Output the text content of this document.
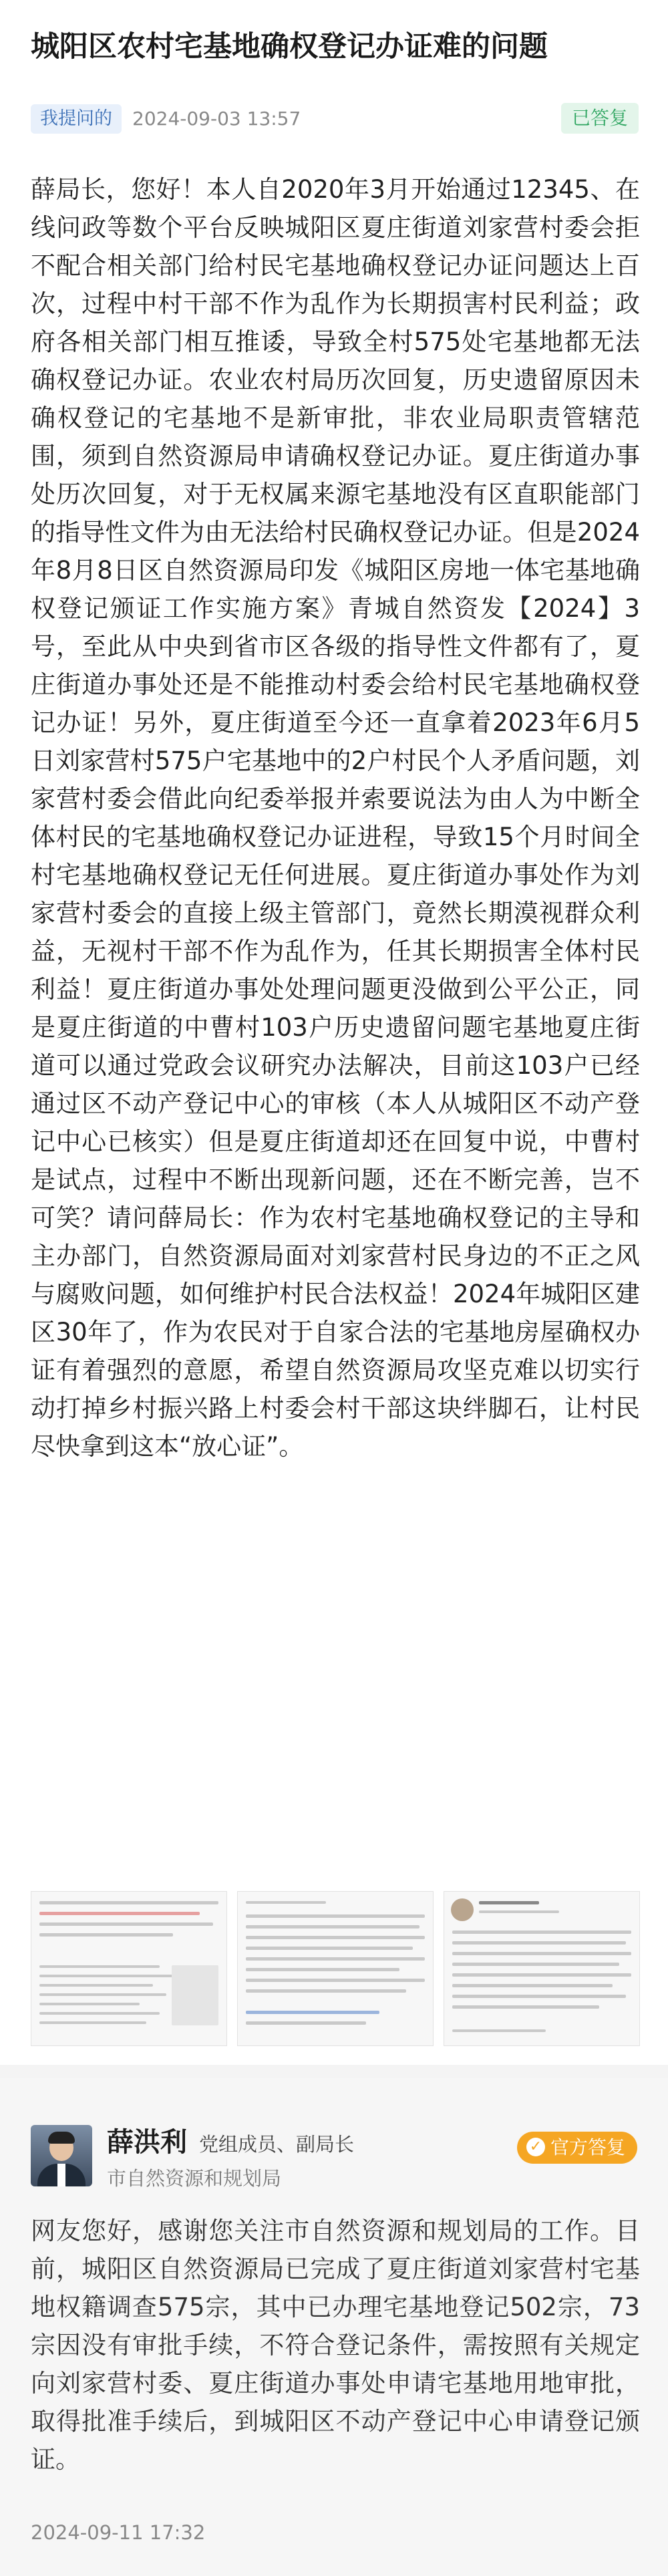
城阳区农村宅基地确权登记办证难的问题
我提问的	2024-09-03 13:57	已答复

薛局长，您好！本人自2020年3月开始通过12345、在线问政等数个平台反映城阳区夏庄街道刘家营村委会拒不配合相关部门给村民宅基地确权登记办证问题达上百次，过程中村干部不作为乱作为长期损害村民利益；政府各相关部门相互推诿，导致全村575处宅基地都无法确权登记办证。农业农村局历次回复，历史遗留原因未确权登记的宅基地不是新审批，非农业局职责管辖范围，须到自然资源局申请确权登记办证。夏庄街道办事处历次回复，对于无权属来源宅基地没有区直职能部门的指导性文件为由无法给村民确权登记办证。但是2024年8月8日区自然资源局印发《城阳区房地一体宅基地确权登记颁证工作实施方案》青城自然资发【2024】3号，至此从中央到省市区各级的指导性文件都有了，夏庄街道办事处还是不能推动村委会给村民宅基地确权登记办证！另外，夏庄街道至今还一直拿着2023年6月5日刘家营村575户宅基地中的2户村民个人矛盾问题，刘家营村委会借此向纪委举报并索要说法为由人为中断全体村民的宅基地确权登记办证进程，导致15个月时间全村宅基地确权登记无任何进展。夏庄街道办事处作为刘家营村委会的直接上级主管部门，竟然长期漠视群众利益，无视村干部不作为乱作为，任其长期损害全体村民利益！夏庄街道办事处处理问题更没做到公平公正，同是夏庄街道的中曹村103户历史遗留问题宅基地夏庄街道可以通过党政会议研究办法解决，目前这103户已经通过区不动产登记中心的审核（本人从城阳区不动产登记中心已核实）但是夏庄街道却还在回复中说，中曹村是试点，过程中不断出现新问题，还在不断完善，岂不可笑？请问薛局长：作为农村宅基地确权登记的主导和主办部门，自然资源局面对刘家营村民身边的不正之风与腐败问题，如何维护村民合法权益！2024年城阳区建区30年了，作为农民对于自家合法的宅基地房屋确权办证有着强烈的意愿，希望自然资源局攻坚克难以切实行动打掉乡村振兴路上村委会村干部这块绊脚石，让村民尽快拿到这本“放心证”。

薛洪利 党组成员、副局长
市自然资源和规划局
✓ 官方答复

网友您好，感谢您关注市自然资源和规划局的工作。目前，城阳区自然资源局已完成了夏庄街道刘家营村宅基地权籍调查575宗，其中已办理宅基地登记502宗，73宗因没有审批手续，不符合登记条件，需按照有关规定向刘家营村委、夏庄街道办事处申请宅基地用地审批，取得批准手续后，到城阳区不动产登记中心申请登记颁证。

2024-09-11 17:32
